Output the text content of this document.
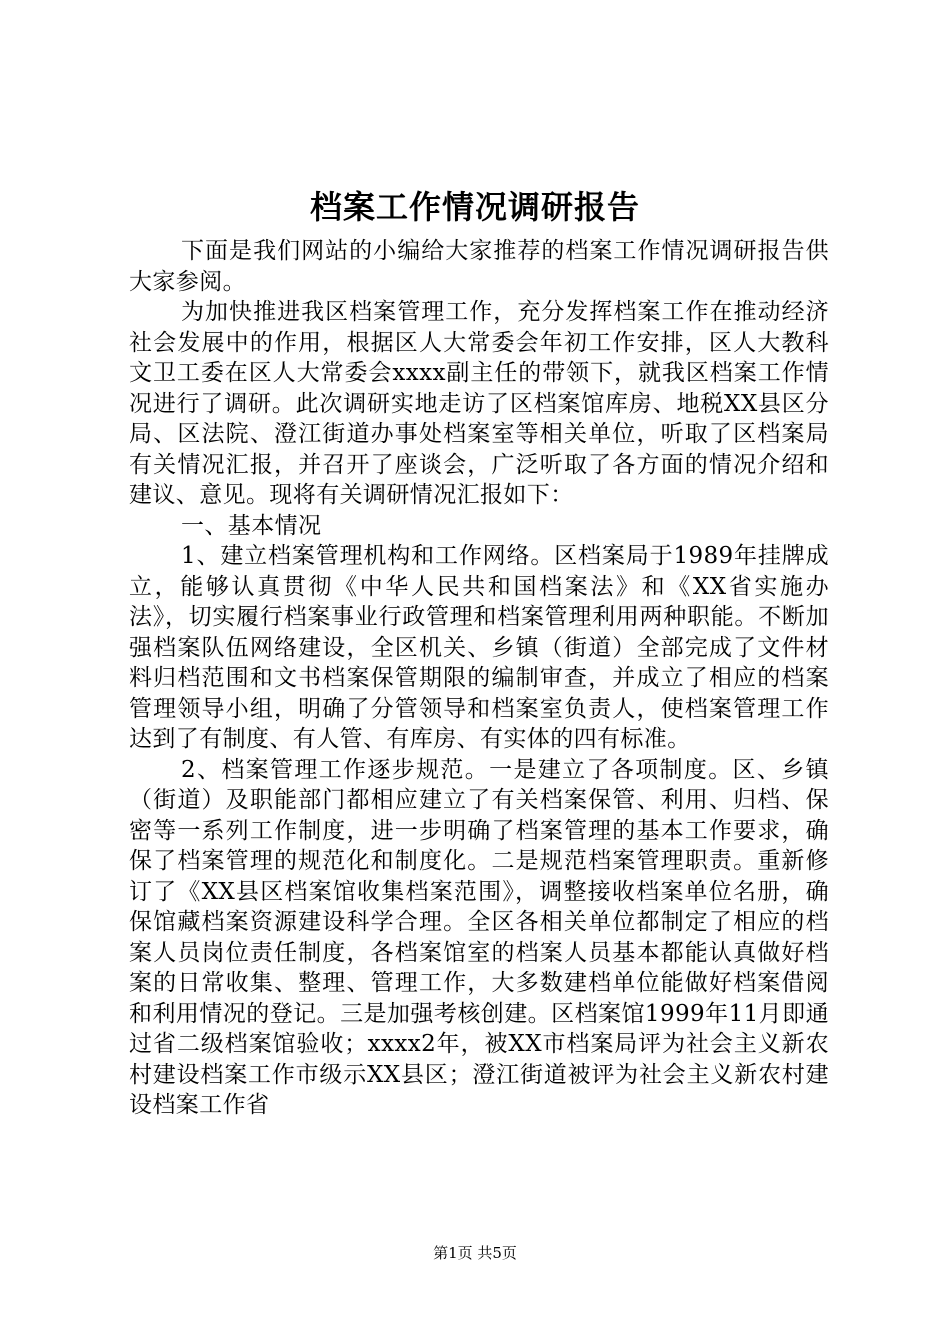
档案工作情况调研报告

下面是我们网站的小编给大家推荐的档案工作情况调研报告供大家参阅。

为加快推进我区档案管理工作，充分发挥档案工作在推动经济社会发展中的作用，根据区人大常委会年初工作安排，区人大教科文卫工委在区人大常委会xxxx副主任的带领下，就我区档案工作情况进行了调研。此次调研实地走访了区档案馆库房、地税XX县区分局、区法院、澄江街道办事处档案室等相关单位，听取了区档案局有关情况汇报，并召开了座谈会，广泛听取了各方面的情况介绍和建议、意见。现将有关调研情况汇报如下：

一、基本情况

1、建立档案管理机构和工作网络。区档案局于1989年挂牌成立，能够认真贯彻《中华人民共和国档案法》和《XX省实施办法》，切实履行档案事业行政管理和档案管理利用两种职能。不断加强档案队伍网络建设，全区机关、乡镇（街道）全部完成了文件材料归档范围和文书档案保管期限的编制审查，并成立了相应的档案管理领导小组，明确了分管领导和档案室负责人，使档案管理工作达到了有制度、有人管、有库房、有实体的四有标准。

2、档案管理工作逐步规范。一是建立了各项制度。区、乡镇（街道）及职能部门都相应建立了有关档案保管、利用、归档、保密等一系列工作制度，进一步明确了档案管理的基本工作要求，确保了档案管理的规范化和制度化。二是规范档案管理职责。重新修订了《XX县区档案馆收集档案范围》，调整接收档案单位名册，确保馆藏档案资源建设科学合理。全区各相关单位都制定了相应的档案人员岗位责任制度，各档案馆室的档案人员基本都能认真做好档案的日常收集、整理、管理工作，大多数建档单位能做好档案借阅和利用情况的登记。三是加强考核创建。区档案馆1999年11月即通过省二级档案馆验收；xxxx2年，被XX市档案局评为社会主义新农村建设档案工作市级示XX县区；澄江街道被评为社会主义新农村建设档案工作省

第1页 共5页
